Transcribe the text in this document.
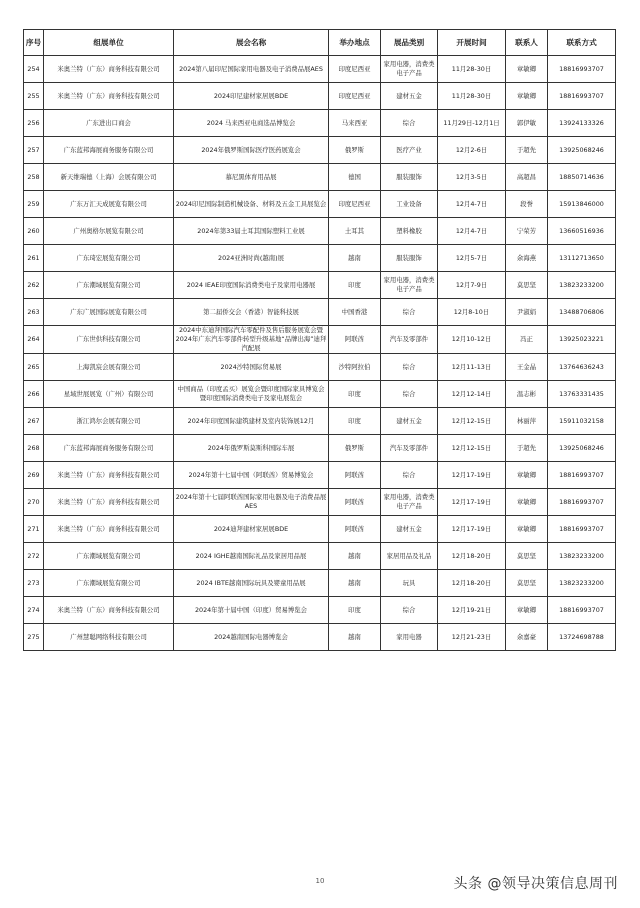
序号	组展单位	展会名称	举办地点	展品类别	开展时间	联系人	联系方式
254	米奥兰特（广东）商务科技有限公司	2024第八届印尼国际家用电器及电子消费品展AES	印度尼西亚	家用电器，消费类电子产品	11月28-30日	章敏卿	18816993707
255	米奥兰特（广东）商务科技有限公司	2024印尼建材家居展BDE	印度尼西亚	建材五金	11月28-30日	章敏卿	18816993707
256	广东进出口商会	2024 马来西亚电商选品博览会	马来西亚	综合	11月29日-12月1日	郭伊敏	13924133326
257	广东蓝邦海展商务服务有限公司	2024年俄罗斯国际医疗医药展览会	俄罗斯	医疗产业	12月2-6日	于超先	13925068246
258	新天维瑞德（上海）会展有限公司	慕尼黑体育用品展	德国	服装服饰	12月3-5日	高超昌	18850714636
259	广东万汇天成展览有限公司	2024印尼国际制造机械设备、材料及五金工具展览会	印度尼西亚	工业设备	12月4-7日	段誉	15913846000
260	广州奥格尔展览有限公司	2024年第33届土耳其国际塑料工业展	土耳其	塑料橡胶	12月4-7日	宁荣芳	13660516936
261	广东琦宏展览有限公司	2024亚洲时尚(越南)展	越南	服装服饰	12月5-7日	余海燕	13112713650
262	广东潮域展览有限公司	2024 IEAE印度国际消费类电子及家用电器展	印度	家用电器，消费类电子产品	12月7-9日	莫思坚	13823233200
263	广东广展国际展览有限公司	第二届侨交会（香港）智能科技展	中国香港	综合	12月8-10日	尹淑娟	13488706806
264	广东世供科技有限公司	2024中东迪拜国际汽车零配件及售后服务展览会暨2024年广东汽车零部件转型升级基地“品牌出海”迪拜汽配展	阿联酋	汽车及零部件	12月10-12日	冯正	13925023221
265	上海凯宸会展有限公司	2024沙特国际贸易展	沙特阿拉伯	综合	12月11-13日	王金晶	13764636243
266	星域世展展览（广州）有限公司	中国商品（印度孟买）展览会暨印度国际家具博览会暨印度国际消费类电子及家电展览会	印度	综合	12月12-14日	温志彬	13763331435
267	浙江鸿尔会展有限公司	2024年印度国际建筑建材及室内装饰展12月	印度	建材五金	12月12-15日	林丽萍	15911032158
268	广东蓝邦海展商务服务有限公司	2024年俄罗斯莫斯科国际车展	俄罗斯	汽车及零部件	12月12-15日	于超先	13925068246
269	米奥兰特（广东）商务科技有限公司	2024年第十七届中国（阿联酋）贸易博览会	阿联酋	综合	12月17-19日	章敏卿	18816993707
270	米奥兰特（广东）商务科技有限公司	2024年第十七届阿联酋国际家用电器及电子消费品展AES	阿联酋	家用电器，消费类电子产品	12月17-19日	章敏卿	18816993707
271	米奥兰特（广东）商务科技有限公司	2024迪拜建材家居展BDE	阿联酋	建材五金	12月17-19日	章敏卿	18816993707
272	广东潮域展览有限公司	2024 IGHE越南国际礼品及家居用品展	越南	家居用品及礼品	12月18-20日	莫思坚	13823233200
273	广东潮域展览有限公司	2024 IBTE越南国际玩具及婴童用品展	越南	玩具	12月18-20日	莫思坚	13823233200
274	米奥兰特（广东）商务科技有限公司	2024年第十届中国（印度）贸易博览会	印度	综合	12月19-21日	章敏卿	18816993707
275	广州慧聪网络科技有限公司	2024越南国际电器博览会	越南	家用电器	12月21-23日	余嘉豪	13724698788
10	头条 @领导决策信息周刊
